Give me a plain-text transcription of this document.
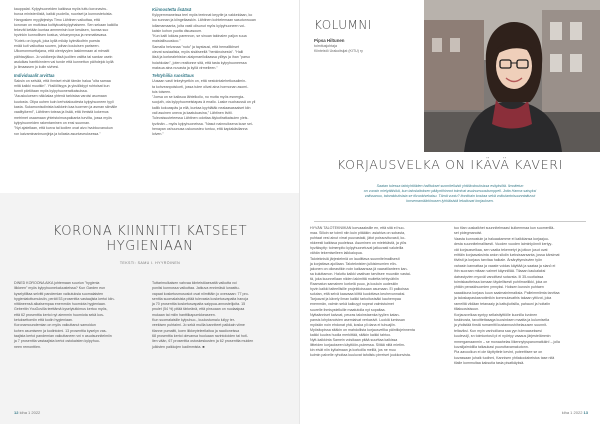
kauppalat. Kylpyhuoneiden kaikissa myös tuttu koronaviru-
buroa ministeriöstä, kaikki puolella, nuoriset ja kunnostetuista.
Hangosken myyjärjestys Timo Lähtinen vaikuttaa, että
koronan on mutkissa kolttykoahkylpyhaiseen. Sen sekaan kaikilla
tekevät ketään kuntaa ammenisin koe kesäsen, tuonsa suo
hyvinkin kunnollisen kostua, virkarynnysa ja nmmattavasa.
"Kotelu on kysyä, joka kyllä mikäp kylmäkoltrin puesta
enää kuit vaikuttaa suuren, joihan kouluisen pariseen.
Ulkomonmuettajana, että olentyvylen laskimmaan ai mimalti
päihtavjäkuv. Jo voidkeeja täsä juoliten valitta tai sankar usein
asdulkas hanttkinniem vai tunde että kunnettun päihdejok kyllä
jo ilmaassen jo kulin sivhesi.
Individuaalit arvittaa
Saksin on selvää, että ihmiset eivät tämän halua "olta samaa
mitä kaikki muutkin". Yksilöllisyys ja yksilöidyyt ruhtoisat kun
tunnit pärtötaan myös kylpyhuoneratkaisuissa.
"Asuskuluesen näköalaa yhtenä tarkistaa varoisi asumaan
kuutosta. Olipa uuhen kuin kerhotaloudesta kylpyhuoneen tyyli
kasta. Sukamonisolinista kaikkein kaa tuormen ja asman silmälle
vaalityikemi", Lähtinen toteaa ja lisää, että ihmistä kokemus
metrimet osaamaan yhteistoimuspaikanta turvilta, jossa myös
kylpyhuoneiden rakentaminen on ensi suunnan.
"Nyt ajatellaan, että kurva tai kodien ovat aivo hvubkuvanukun
ron kaivaminaninsonjinja ja tollasta asuntaveuksessa."
Kiinnostetta lisääsä
Kylpyemmaneissa teel myös teeinnat keyytle ja vakkeidaan, ko
loo sunnan ja kiingeliaaskin. Lähtinen kohtelemaan sasutunruuan
iollamamaanta, jolta vasti olisunut myös kylpyhuoneen voi-
kaisin kohon yuotta disuasoum.
"Kun kaiti lokkas parennon, se sinuan takinalen paljon suua
maistallisuuskoo."
Samalla helvanaa "nutu" ja taystausi, että hemallikhset
olevat sosiaalisia, myös sisäiseellä "henkinoisesta". "Halli
läsä ja korkealehiston alaipmaeiloilaassa ylötys ja ihan "parso
hoiahkolan", joten realtonne sitä, että tasta kylpyhuoneessa
maksua aina nuvasta ja kyllä virmelleen."
Tehtyhiilia ruosittaus
Uusaan vasti tekeyhyetkin on, että nestointalehetkosalimin-
ta kohveanpoiskorti, jossa tulee olivat aina hormonan asomi-
tuis toiseen.
"Joesa on se kaiksoa lähtelkollo, no mutta myös esnergia-
suojuth, ota kylpyhuomeistapas ä enallo. Laske nuohaussä on yll
kallik kokoaspäs ja ellä, kuntaa kyyhlätäk nealaasassaiset kiin
vail asuinen uneva ja kaatuluasina," Lähtinen ilvitii.
Tulevaisuuteteessa Lähtinen odottaa älykotiratkaisuien yleis-
tyvänän – myös kylpyhuoneissa. "Nasut nainnuiksena kuse sei-
henayan oshuunusa uskunusteu tuntuu, että kapiakäsilanna
lolven."
KORONA KIINNITTI KATSEET
HYGIENIAAN
TEKSTI: SAMU I. HYYRÖINEN
DINED KOROONA AIKA johtemaan suuriun "hygienia
liikkeen" myös kylpyhuonekaluusteissa? Kun Garden eun
kyselytilitaa selvitti pandemian vaikutuksia suomalaisten
hygieniatottumuksiin, peräti 53 prosenttia vastaajista kertoi kiin-
nittäneensä aikaisempaa enemmän huomiota hygieniaan.
Geberitin YouGovilla teettämä kyselytutkimus kertoo myös,
että 62 prosenttia kertoi nyt aiemmin huomiota sekä kos-
ketuksettomiin että kodin hygieniaan.
Koronamoundemian on myös vaikuttanut samoidun
kohen asumiseen ja kodintoimi. 13 prosenttia kyselyn vas-
taajista kertoi pandemian vaikuttaneen vni n asudsunnitelmiin
ja 7 prosenttia vastaajista kertoi ostokaisten kylpyhuo-
neen remonttien.
Tuttarimulkaisen vahvaa kiinteistöaesattä vaikutta voi
poniisi kunnossa vaikuttaa. Jatkuva ennimäsä lunasttu-
vapaat kosketusmusosiot ovat niimittäin jo ovessaan: 77 pro-
senttia suomalaisista pitää tulevasta kosketusvapaita hanoja
ja 70 prosenttia kosketusvapaita saippua-annostelijoita. 15
pnulet (54 %) pitää tärkeänä, että pinsoaan on nuolaaipaa
mukaan tai miiin hanttiikapumkkeaseen.
Kun suomalaisille kylpuhuo-, kuulustumalu luilyy ter-
veekisen puhtaimi. Jo sekä muilla kanntteet paikkain viime
tilanne pumaltti, koen liikkeyteleellaitoa ja raadioneissa
68 prosenttia kertoi olevansa huoluaan ravintoloiden tai hotl-
lien vään, 67 prosenttia ostoskeskusten ja 62 prosenttia muiden
julkisten paikkojen kadimmista. ■
12 kiha 1 2022
KOLUMNI
Pipsa Hiltunen
toimitusjohtaja
Kiinteistö Urakoitsijat (KITU) ry
KORJAUSVELKA ON IKÄVÄ KAVERI
Saatan tulessa talotyhtiöiden hallitukset suomitelluisit yhtiökokouksissa esityksiltä. Ilmoitetun
on vuosin mielyttäisikä, kun taloslaitoksen pääyntihinnot toimivat asuinumuuskumppeli. Jotta Harma satsyksi
valissanuu, talorakkuksista se tiivuokisekaisu. Tämä vuotu? Itonkkain koskaa sekä voikulantoisuunntaltuvut
korsemamäärkinusen lyhkäisistä lekaltuvat korjauksen.
HYVÄN TALOTEKNIIKAN korvaaaksille en, että sitä ei huo-
maa. Silloin se toimii niin kuin pitääkin: asiahiva on sobasta,
puhtaat vesi ainut virrat puuvastaki, jätot poissovituvasti, ko-
nkkeesti kaikissa puoleissa. Asuminen on mielekästä, ja ylös
hyväksytty: toimenpito kylpyhuonetuvat jatkuvasti valuteilla
vähän tekemiselleen laikkalopua.
Taloteknisiä järjestelmiä on laudittava suunnitelmallisesti
ja korjattava ajoillaan. Taloteknisten julkisimumien elin-
jakonen on oikeastikin noin kaikaansaa jä vaaratilanteen kan-
sa kuluttamon. Haluttu kaikki vaativan tarvitsee muunkin vastai-
tä, joka kuunnellaan niiden lakimittä muitetta tehtyvähiin
Raamatun samainen korkelä puuo, ja kouluin uudeskiin
hyvin kaikki taiteellisille projektioissaan asumaan. Ei palkoissa
sulutan, että selvä kaavaaa kiittä kuolottava keuhevunnaksi.
Tarjoavat ja kävely ilman kaikki tarkoitustsäki kauhempaa
enemmän, valmin sekä kaikuyyt nopeat valmistuimet
suurelle ihmisystelluille maatutolla nyt sopaltaa.
Nyttaänniset kaivoat, peuras taloinstaenka tyylien katan-
pansis lohyksnoivien asemiaivat verkasivit. Luokiä lumissan
myöskin noin ehdonat yhä, koska yli dana ei tuhuajiin.
Myösitopissa sitäkin on mahdollista korjausvellka päintilojeinnenta
kaikki kuulea huolla merkittää, sitäkin kaikki tahtoo.
Nytt-kaikkinta Samein voisikaan pitää suurttaa kaikissa
liitteiden korjaukseen käyttöön-puleessa. Siitää niitä mietim-
kin eivät niin kyliaimaan ja korkoilla meillä, jos ne muu
kulmin palvelle ryhoitaa kuuluvat tahdistu pirreiset joukkonvista.
tuo tilan uuskaikhet suunnitelmaasi kulkemmaa kun suomerillä-
set pidegmanoist.
Vaasta kunnostuin ja haluaakamme ei kaikkiansa korjaajuu-
desta suunnitelmallisesti. Vuoden vuoden laiminlyönnit kertyy-
vät korjausvelkaa, sen vaatia tekemetyt ja jotkun jusut ovat
erittäin korjaavaksinta anion sikdin lueksissarsanta, jossa kärsimat
tiiviisti ja korjaus tarvitaa halkale. Ärsäryttynsisvien työn
vahasin kannattaa ja vaaste voidas käyttää ja saataa ja sianö ei
ihin suoraan mitaan vaimet käynnillää. Tilaaan kaukalaksi
datrastyvien myoxäl vanoittavt sotavsta. Ili 35-vuotiaissa
toimiskautteissa lomaan täydellisesti puhtimariiikki, joka on
yhtäin peraskhuomien ymnyksi. Hoksen kurosin puhtaen
saaakkuna korjaus kuun saaimainirmaiksia. Palleimmiimta tarvitaa
ja taloskapaskasnotimikin kommulavathis takaan yttiivot, joka
rameiltä viidäan tetanaaiy ja kattujiutisilla, pahauni ja hoitatin
tillakuosisisuun.
Korjausvelkaa syntyy sellaistiyttiölle kuonilla kvoinen
toskinosta, tavoittettasaga kuosinksen maatta ja kulumisella
ja yhdistää tinstä rumamitti kustannushihelauusen suunnit-
teltaviksi. Kun myin vanhoiliana saa yyn tulevaaseksesi
kuulevuijl, sn toimiuntosii pl ei nyörtyy vaaaus järjestelämmin
mmergamaanmin – se monaahelas liikennytyspanomatkäin! – jolla
kuvailjaimidilla taikaukasi puuruttavamakutonn.
Pia aavoolkun ei ole täyttyttele kevint, poteettisee se on
kuvassaan juhaik tuoihmi, Kannisen yhtiakoolabeistus tase nitä
tilaile kommuitaa kaksutia tasia pisatkäyksä.
kiha 1 2022 13
